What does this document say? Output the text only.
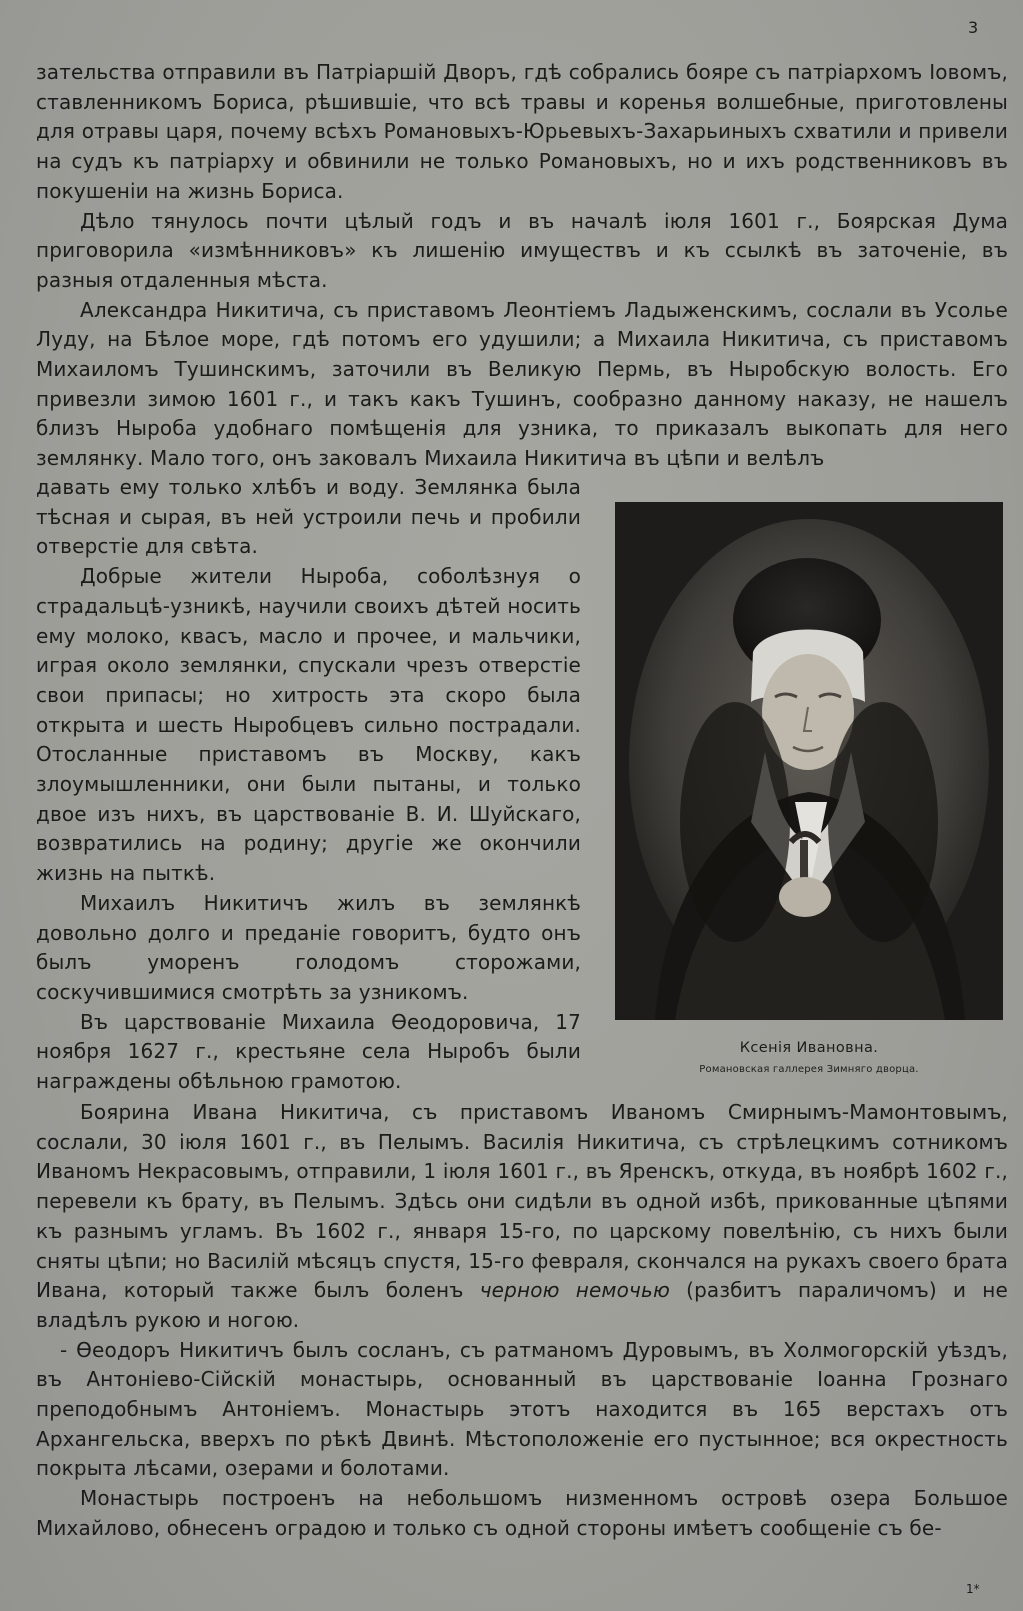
3

зательства отправили въ Патріаршій Дворъ, гдѣ собрались бояре съ патріархомъ Іовомъ, ставленникомъ Бориса, рѣшившіе, что всѣ травы и коренья волшебные, приготовлены для отравы царя, почему всѣхъ Романовыхъ-Юрьевыхъ-Захарьиныхъ схватили и привели на судъ къ патріарху и обвинили не только Романовыхъ, но и ихъ родственниковъ въ покушеніи на жизнь Бориса.

Дѣло тянулось почти цѣлый годъ и въ началѣ іюля 1601 г., Боярская Дума приговорила «измѣнниковъ» къ лишенію имуществъ и къ ссылкѣ въ заточеніе, въ разныя отдаленныя мѣста.

Александра Никитича, съ приставомъ Леонтіемъ Ладыженскимъ, сослали въ Усолье Луду, на Бѣлое море, гдѣ потомъ его удушили; а Михаила Никитича, съ приставомъ Михаиломъ Тушинскимъ, заточили въ Великую Пермь, въ Ныробскую волость. Его привезли зимою 1601 г., и такъ какъ Тушинъ, сообразно данному наказу, не нашелъ близъ Ныроба удобнаго помѣщенія для узника, то приказалъ выкопать для него землянку. Мало того, онъ заковалъ Михаила Никитича въ цѣпи и велѣлъ

давать ему только хлѣбъ и воду. Землянка была тѣсная и сырая, въ ней устроили печь и пробили отверстіе для свѣта.

Добрые жители Ныроба, соболѣзнуя о страдальцѣ-узникѣ, научили своихъ дѣтей носить ему молоко, квасъ, масло и прочее, и мальчики, играя около землянки, спускали чрезъ отверстіе свои припасы; но хитрость эта скоро была открыта и шесть Ныробцевъ сильно пострадали. Отосланные приставомъ въ Москву, какъ злоумышленники, они были пытаны, и только двое изъ нихъ, въ царствованіе В. И. Шуйскаго, возвратились на родину; другіе же окончили жизнь на пыткѣ.

Михаилъ Никитичъ жилъ въ землянкѣ довольно долго и преданіе говоритъ, будто онъ былъ уморенъ голодомъ сторожами, соскучившимися смотрѣть за узникомъ.

Въ царствованіе Михаила Ѳеодоровича, 17 ноября 1627 г., крестьяне села Ныробъ были награждены обѣльною грамотою.

Ксенія Ивановна.
Романовская галлерея Зимняго дворца.

Боярина Ивана Никитича, съ приставомъ Иваномъ Смирнымъ-Мамонтовымъ, сослали, 30 іюля 1601 г., въ Пелымъ. Василія Никитича, съ стрѣлецкимъ сотникомъ Иваномъ Некрасовымъ, отправили, 1 іюля 1601 г., въ Яренскъ, откуда, въ ноябрѣ 1602 г., перевели къ брату, въ Пелымъ. Здѣсь они сидѣли въ одной избѣ, прикованные цѣпями къ разнымъ угламъ. Въ 1602 г., января 15-го, по царскому повелѣнію, съ нихъ были сняты цѣпи; но Василій мѣсяцъ спустя, 15-го февраля, скончался на рукахъ своего брата Ивана, который также былъ боленъ черною немочью (разбитъ параличомъ) и не владѣлъ рукою и ногою.

- Ѳеодоръ Никитичъ былъ сосланъ, съ ратманомъ Дуровымъ, въ Холмогорскій уѣздъ, въ Антоніево-Сійскій монастырь, основанный въ царствованіе Іоанна Грознаго преподобнымъ Антоніемъ. Монастырь этотъ находится въ 165 верстахъ отъ Архангельска, вверхъ по рѣкѣ Двинѣ. Мѣстоположеніе его пустынное; вся окрестность покрыта лѣсами, озерами и болотами.

Монастырь построенъ на небольшомъ низменномъ островѣ озера Большое Михайлово, обнесенъ оградою и только съ одной стороны имѣетъ сообщеніе съ бе-

1*
